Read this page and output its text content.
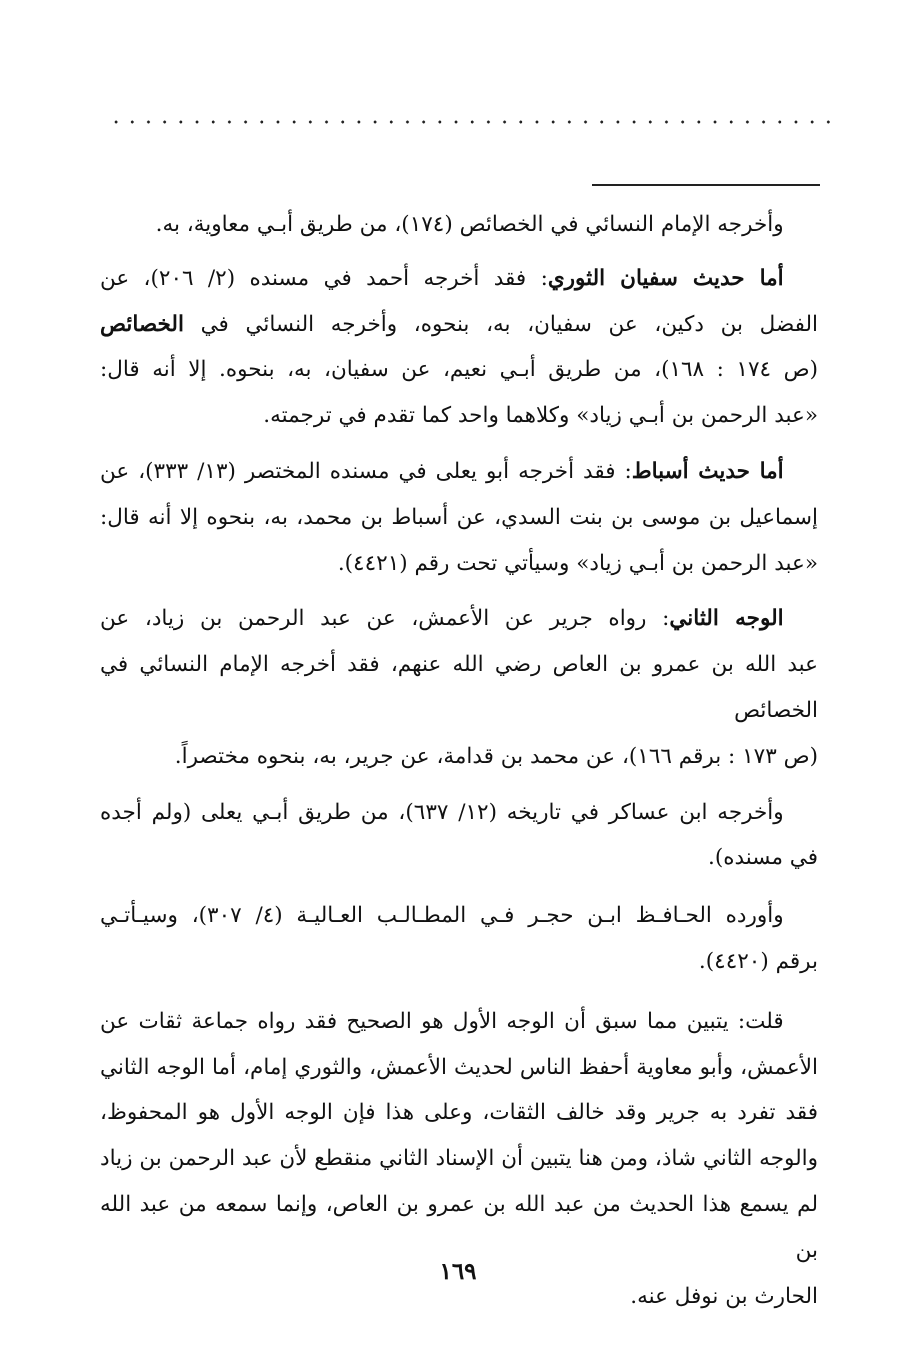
وأخرجه الإمام النسائي في الخصائص (١٧٤)، من طريق أبـي معاوية، به.
أما حديث سفيان الثوري: فقد أخرجه أحمد في مسنده (٢/ ٢٠٦)، عن
الفضل بن دكين، عن سفيان، به، بنحوه، وأخرجه النسائي في الخصائص
(ص ١٧٤ : ١٦٨)، من طريق أبـي نعيم، عن سفيان، به، بنحوه. إلا أنه قال:
«عبد الرحمن بن أبـي زياد» وكلاهما واحد كما تقدم في ترجمته.
أما حديث أسباط: فقد أخرجه أبو يعلى في مسنده المختصر (١٣/ ٣٣٣)، عن
إسماعيل بن موسى بن بنت السدي، عن أسباط بن محمد، به، بنحوه إلا أنه قال:
«عبد الرحمن بن أبـي زياد» وسيأتي تحت رقم (٤٤٢١).
الوجه الثاني: رواه جرير عن الأعمش، عن عبد الرحمن بن زياد، عن
عبد الله بن عمرو بن العاص رضي الله عنهم، فقد أخرجه الإمام النسائي في الخصائص
(ص ١٧٣ : برقم ١٦٦)، عن محمد بن قدامة، عن جرير، به، بنحوه مختصراً.
وأخرجه ابن عساكر في تاريخه (١٢/ ٦٣٧)، من طريق أبـي يعلى (ولم أجده
في مسنده).
وأورده الحـافـظ ابـن حجـر فـي المطـالـب العـاليـة (٤/ ٣٠٧)، وسيـأتـي
برقم (٤٤٢٠).
قلت: يتبين مما سبق أن الوجه الأول هو الصحيح فقد رواه جماعة ثقات عن
الأعمش، وأبو معاوية أحفظ الناس لحديث الأعمش، والثوري إمام، أما الوجه الثاني
فقد تفرد به جرير وقد خالف الثقات، وعلى هذا فإن الوجه الأول هو المحفوظ،
والوجه الثاني شاذ، ومن هنا يتبين أن الإسناد الثاني منقطع لأن عبد الرحمن بن زياد
لم يسمع هذا الحديث من عبد الله بن عمرو بن العاص، وإنما سمعه من عبد الله بن
الحارث بن نوفل عنه.
١٦٩
